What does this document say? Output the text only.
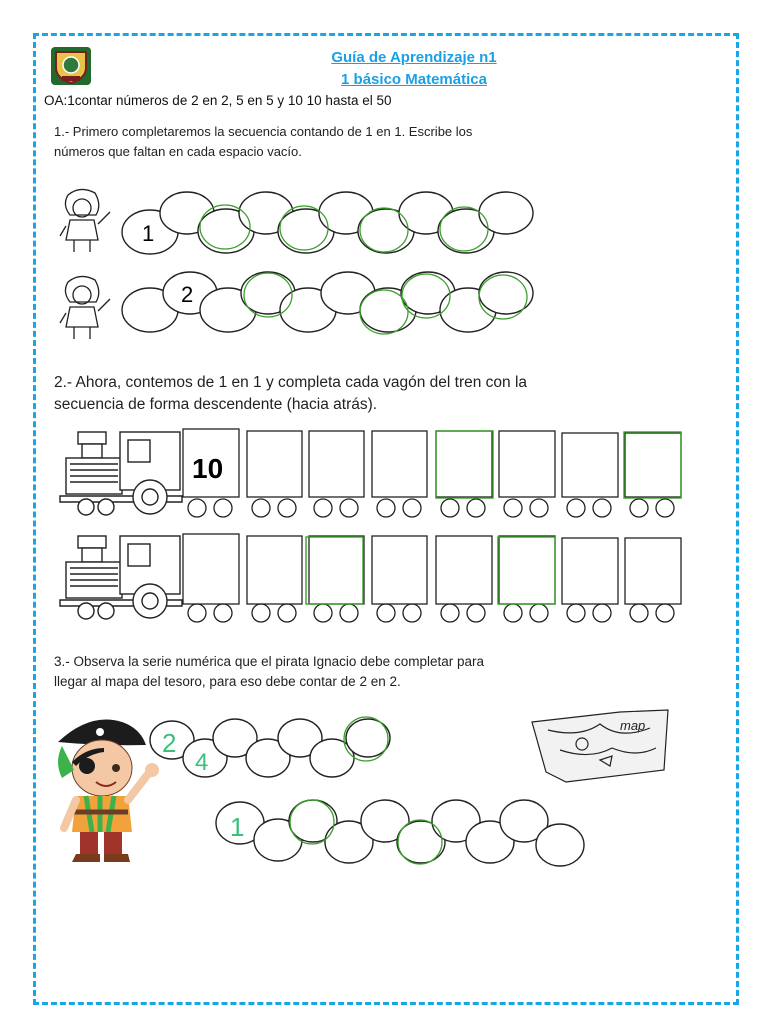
Guía de Aprendizaje n1
1 básico Matemática
OA:1contar números de 2 en 2, 5 en 5 y 10 10 hasta el 50
1.- Primero completaremos la secuencia contando de 1 en 1. Escribe los
números que faltan en cada espacio vacío.
2.- Ahora, contemos de 1 en 1 y completa cada vagón del tren con la
secuencia de forma descendente (hacia atrás).
3.- Observa la serie numérica que el pirata Ignacio debe completar para
llegar al mapa del tesoro, para eso debe contar de 2 en 2.
1
2
10
map
2
4
1
